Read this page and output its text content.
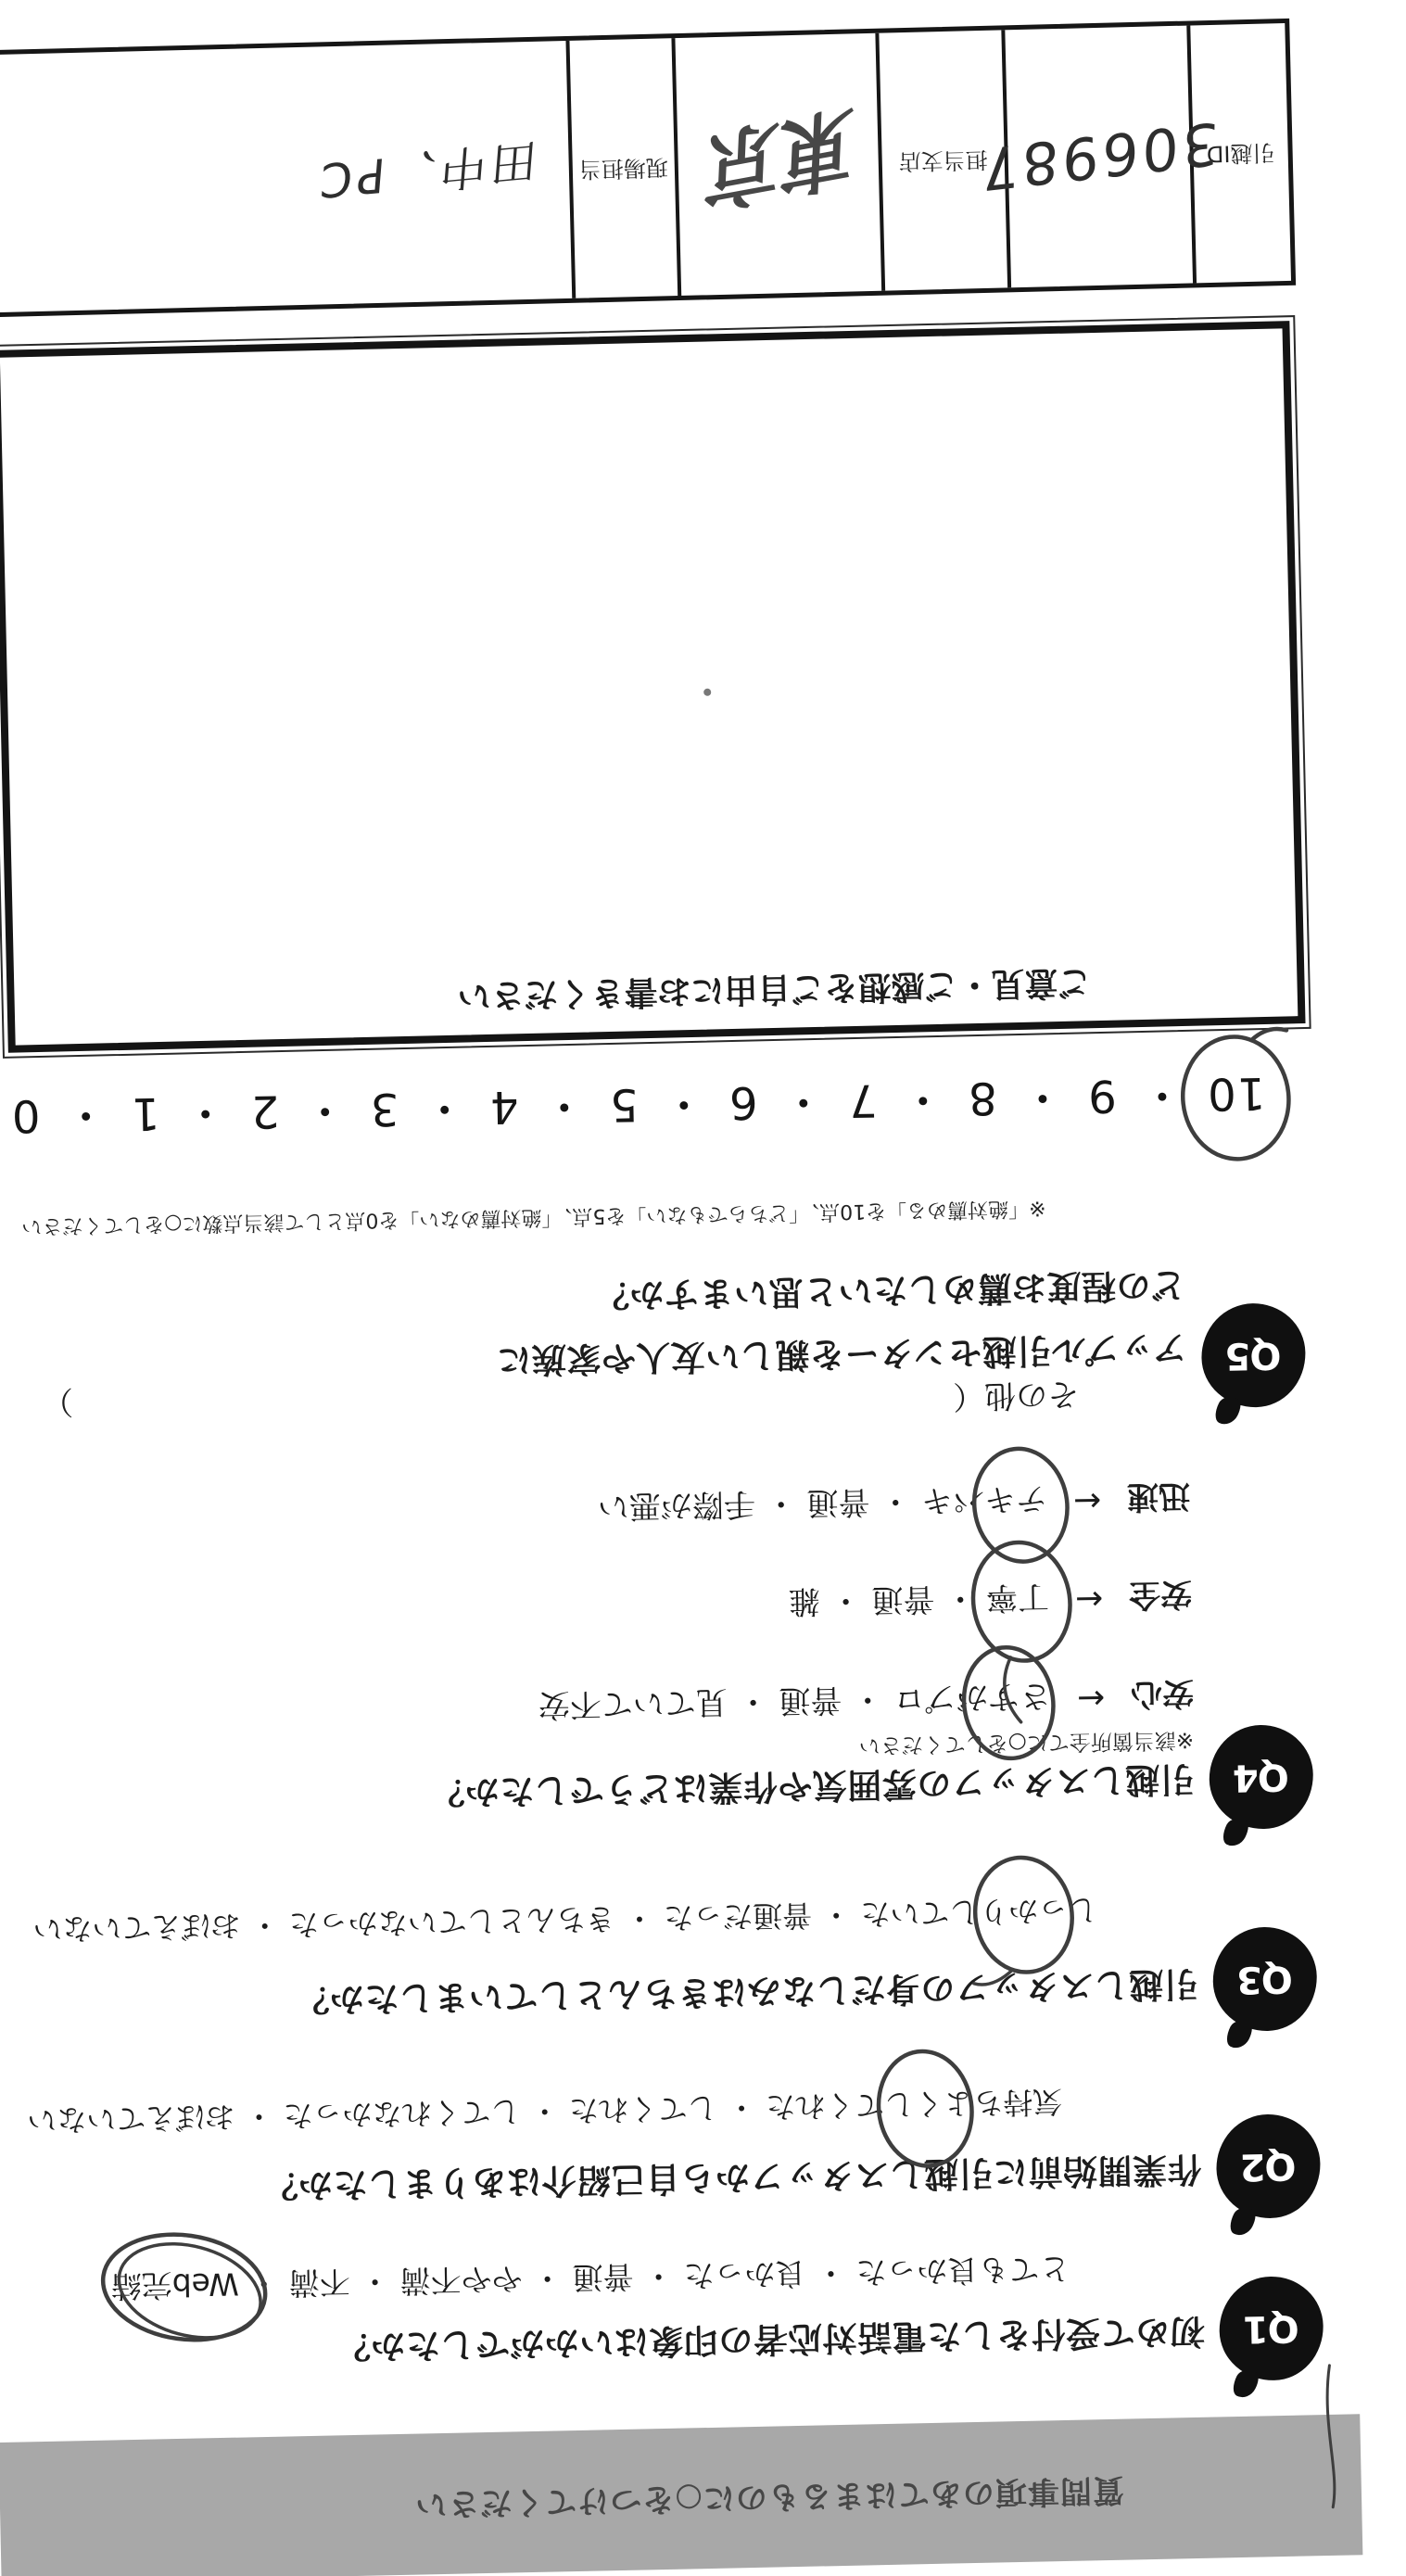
質問事項のあてはまるものに○をつけてください
Q1
初めて受付をした電話対応者の印象はいかがでしたか？
とても良かった ・ 良かった ・ 普通 ・ やや不満 ・ 不満 ・ Web完結
Q2
作業開始前に引越しスタッフから自己紹介はありましたか？
気持ちよくしてくれた ・ してくれた ・ してくれなかった ・ おぼえていない
Q3
引越しスタッフの身だしなみはきちんとしていましたか？
しっかりしていた ・ 普通だった ・ きちんとしていなかった ・ おぼえていない
Q4
引越しスタッフの雰囲気や作業はどうでしたか？
※該当箇所全てに○をしてください
安心
←
さすがプロ ・ 普通 ・ 見ていて不安
安全
←
丁寧 ・ 普通 ・ 雑
迅速
←
テキパキ ・ 普通 ・ 手際が悪い
その他（
）
Q5
アップル引越センターを親しい友人や家族に
どの程度お薦めしたいと思いますか？
※「絶対薦める」を10点、「どちらでもない」を5点、「絶対薦めない」を0点として該当点数に○をしてください
10 ・ 9 ・ 8 ・ 7 ・ 6 ・ 5 ・ 4 ・ 3 ・ 2 ・ 1 ・ 0
ご意見・ご感想をご自由にお書きください
引越ID
306987
担当支店
東京
現場担当
田中、PC
